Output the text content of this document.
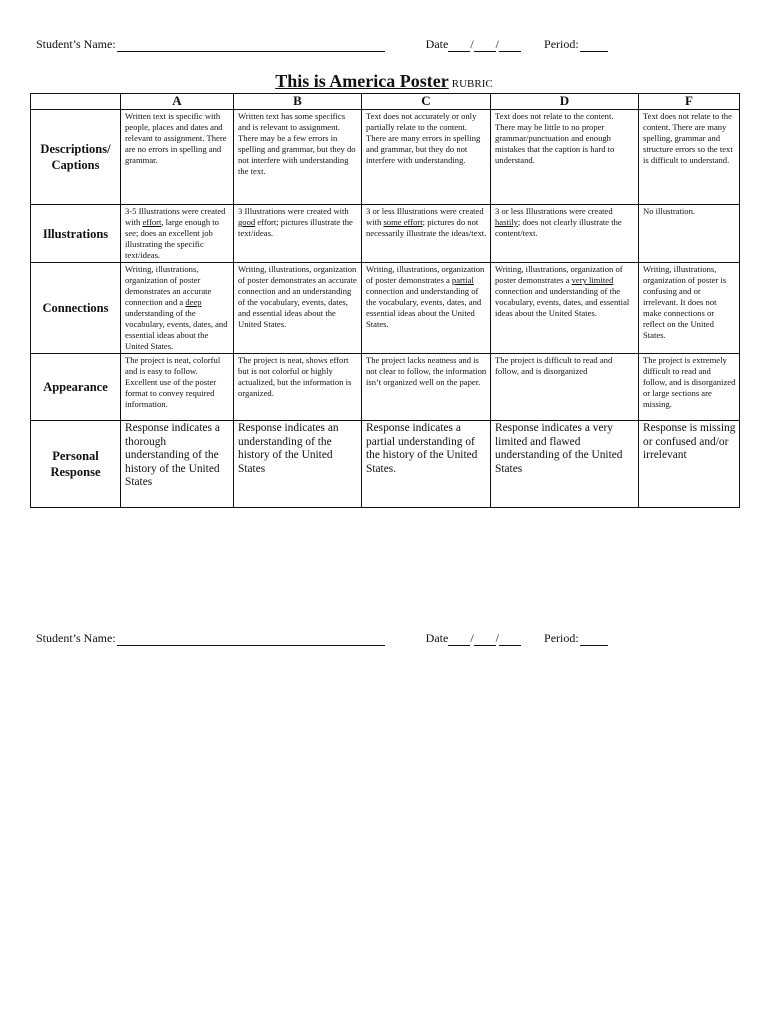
Student’s Name:	Date / /	Period:
This is America Poster RUBRIC
	A	B	C	D	F
Descriptions/ Captions	Written text is specific with people, places and dates and relevant to assignment. There are no errors in spelling and grammar.	Written text has some specifics and is relevant to assignment. There may be a few errors in spelling and grammar, but they do not interfere with understanding the text.	Text does not accurately or only partially relate to the content. There are many errors in spelling and grammar, but they do not interfere with understanding.	Text does not relate to the content. There may be little to no proper grammar/punctuation and enough mistakes that the caption is hard to understand.	Text does not relate to the content. There are many spelling, grammar and structure errors so the text is difficult to understand.
Illustrations	3-5 Illustrations were created with effort, large enough to see; does an excellent job illustrating the specific text/ideas.	3 Illustrations were created with good effort; pictures illustrate the text/ideas.	3 or less Illustrations were created with some effort; pictures do not necessarily illustrate the ideas/text.	3 or less Illustrations were created hastily; does not clearly illustrate the content/text.	No illustration.
Connections	Writing, illustrations, organization of poster demonstrates an accurate connection and a deep understanding of the vocabulary, events, dates, and essential ideas about the United States.	Writing, illustrations, organization of poster demonstrates an accurate connection and an understanding of the vocabulary, events, dates, and essential ideas about the United States.	Writing, illustrations, organization of poster demonstrates a partial connection and understanding of the vocabulary, events, dates, and essential ideas about the United States.	Writing, illustrations, organization of poster demonstrates a very limited connection and understanding of the vocabulary, events, dates, and essential ideas about the United States.	Writing, illustrations, organization of poster is confusing and or irrelevant. It does not make connections or reflect on the United States.
Appearance	The project is neat, colorful and is easy to follow. Excellent use of the poster format to convey required information.	The project is neat, shows effort but is not colorful or highly actualized, but the information is organized.	The project lacks neatness and is not clear to follow, the information isn’t organized well on the paper.	The project is difficult to read and follow, and is disorganized	The project is extremely difficult to read and follow, and is disorganized or large sections are missing.
Personal Response	Response indicates a thorough understanding of the history of the United States	Response indicates an understanding of the history of the United States	Response indicates a partial understanding of the history of the United States.	Response indicates a very limited and flawed understanding of the United States	Response is missing or confused and/or irrelevant
Student’s Name:	Date / /	Period:
